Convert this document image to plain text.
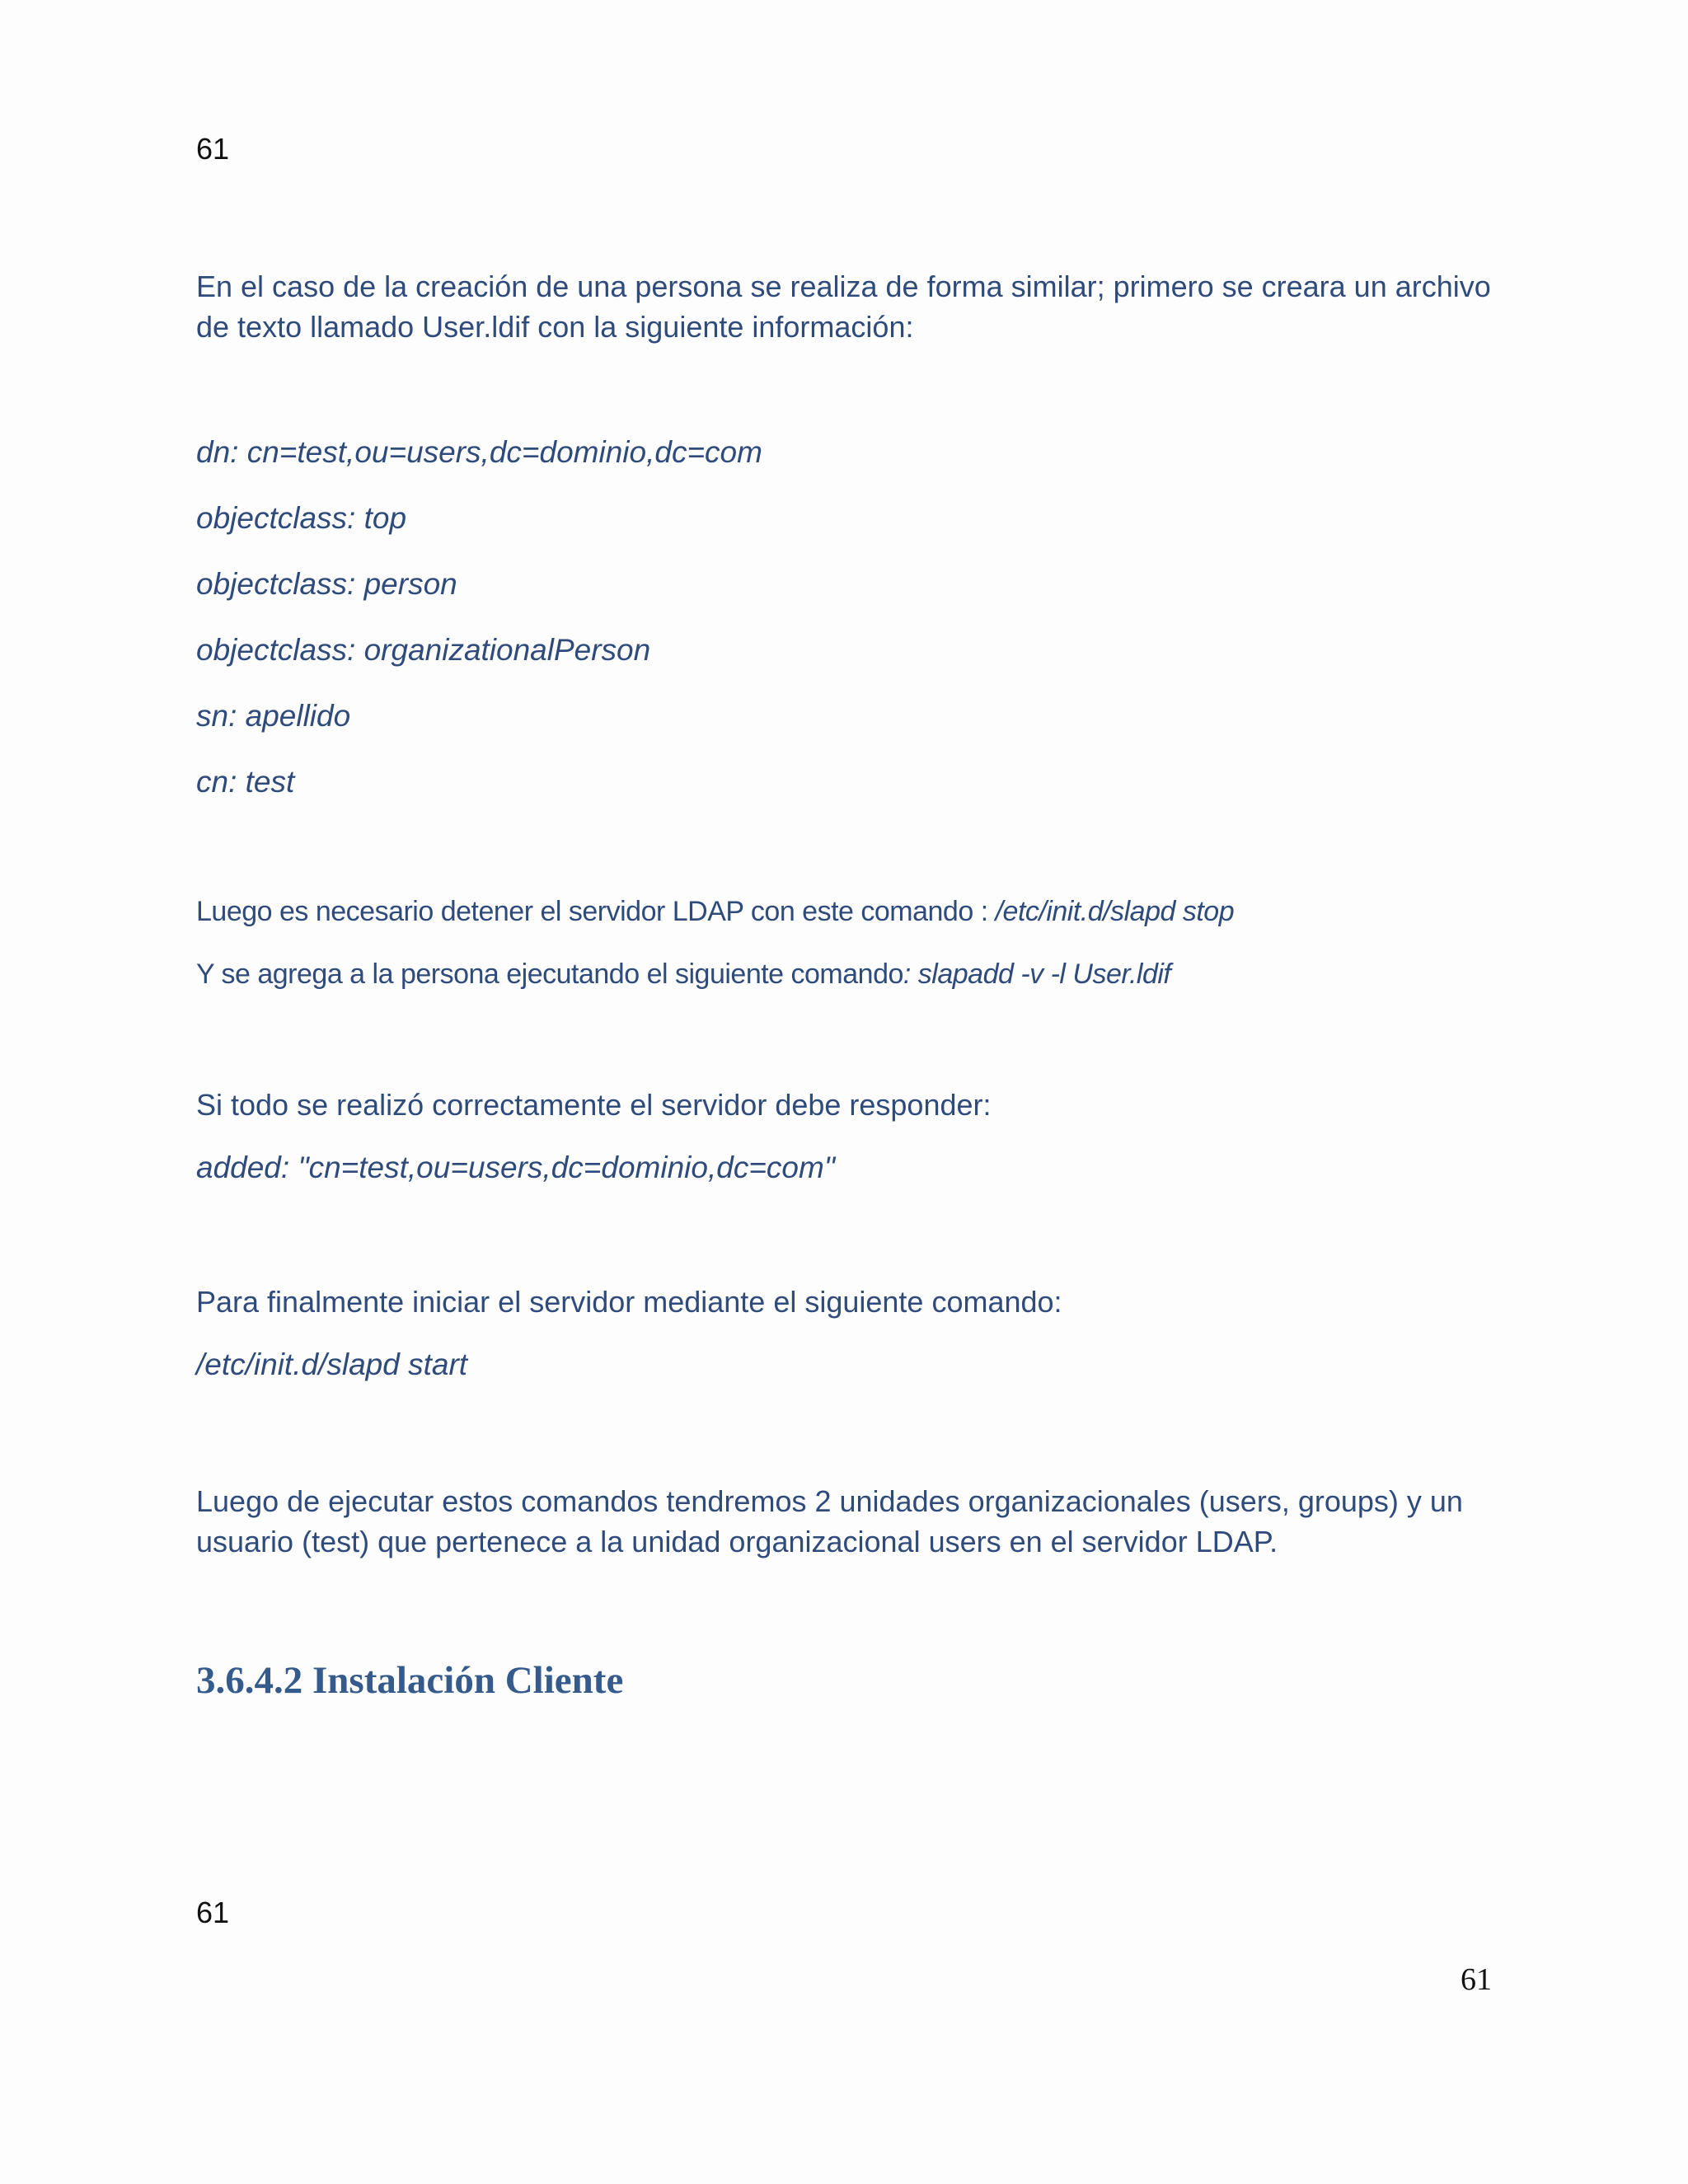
61
En el caso de la creación de una persona se realiza de forma similar; primero se creara un archivo
de texto llamado User.ldif con la siguiente información:
dn: cn=test,ou=users,dc=dominio,dc=com
objectclass: top
objectclass: person
objectclass: organizationalPerson
sn: apellido
cn: test
Luego es necesario detener el servidor LDAP con este comando : /etc/init.d/slapd stop
Y se agrega a la persona ejecutando el siguiente comando: slapadd -v -l User.ldif
Si todo se realizó correctamente el servidor debe responder:
added: "cn=test,ou=users,dc=dominio,dc=com"
Para finalmente iniciar el servidor mediante el siguiente comando:
/etc/init.d/slapd start
Luego de ejecutar estos comandos tendremos 2 unidades organizacionales (users, groups) y un
usuario (test) que pertenece a la unidad organizacional users en el servidor LDAP.
3.6.4.2 Instalación Cliente
61
61
